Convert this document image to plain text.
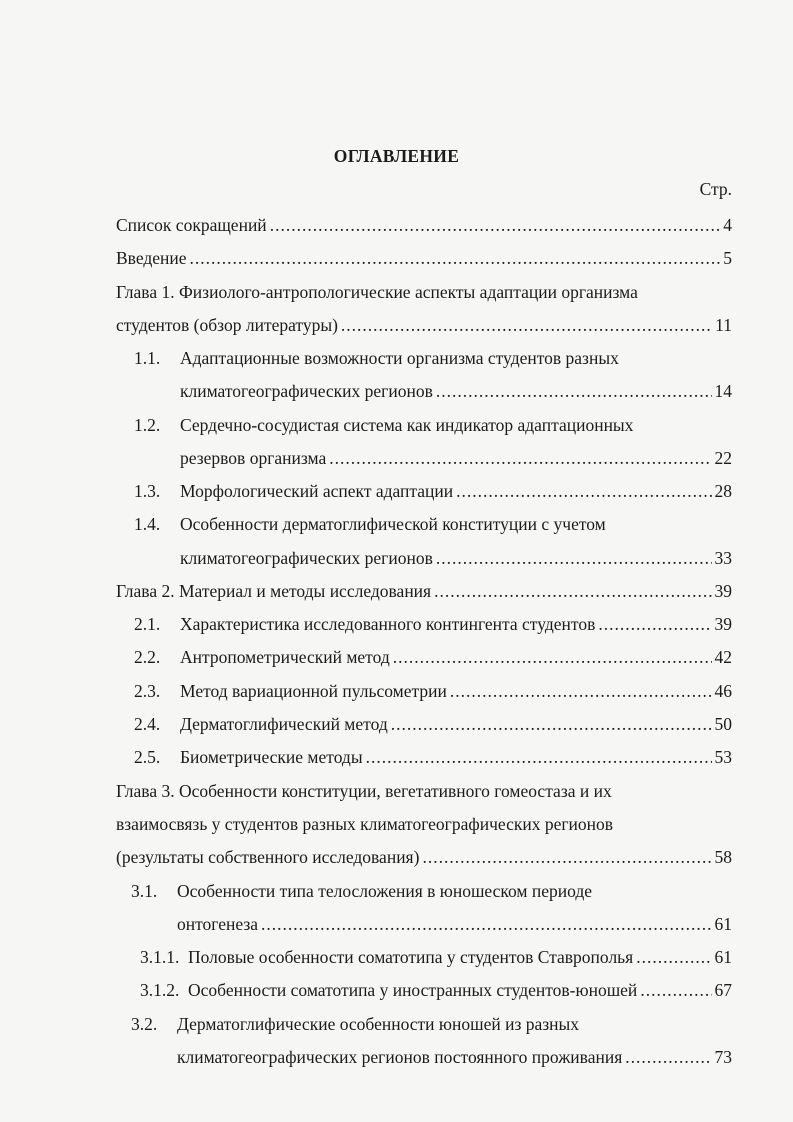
ОГЛАВЛЕНИЕ
Стр.
Список сокращений .....	4
Введение .....	5
Глава 1. Физиолого-антропологические аспекты адаптации организма
студентов (обзор литературы) .....	11
1.1. Адаптационные возможности организма студентов разных
климатогеографических регионов .....	14
1.2. Сердечно-сосудистая система как индикатор адаптационных
резервов организма .....	22
1.3.	Морфологический аспект адаптации .....	28
1.4. Особенности дерматоглифической конституции с учетом
климатогеографических регионов .....	33
Глава 2. Материал и методы исследования .....	39
2.1.	Характеристика исследованного контингента студентов .....	39
2.2.	Антропометрический метод .....	42
2.3.	Метод вариационной пульсометрии .....	46
2.4.	Дерматоглифический метод .....	50
2.5.	Биометрические методы .....	53
Глава 3. Особенности конституции, вегетативного гомеостаза и их
взаимосвязь у студентов разных климатогеографических регионов
(результаты собственного исследования) .....	58
3.1. Особенности типа телосложения в юношеском периоде
онтогенеза .....	61
3.1.1. Половые особенности соматотипа у студентов Ставрополья .....	61
3.1.2. Особенности соматотипа у иностранных студентов-юношей .....	67
3.2. Дерматоглифические особенности юношей из разных
климатогеографических регионов постоянного проживания .....	73
